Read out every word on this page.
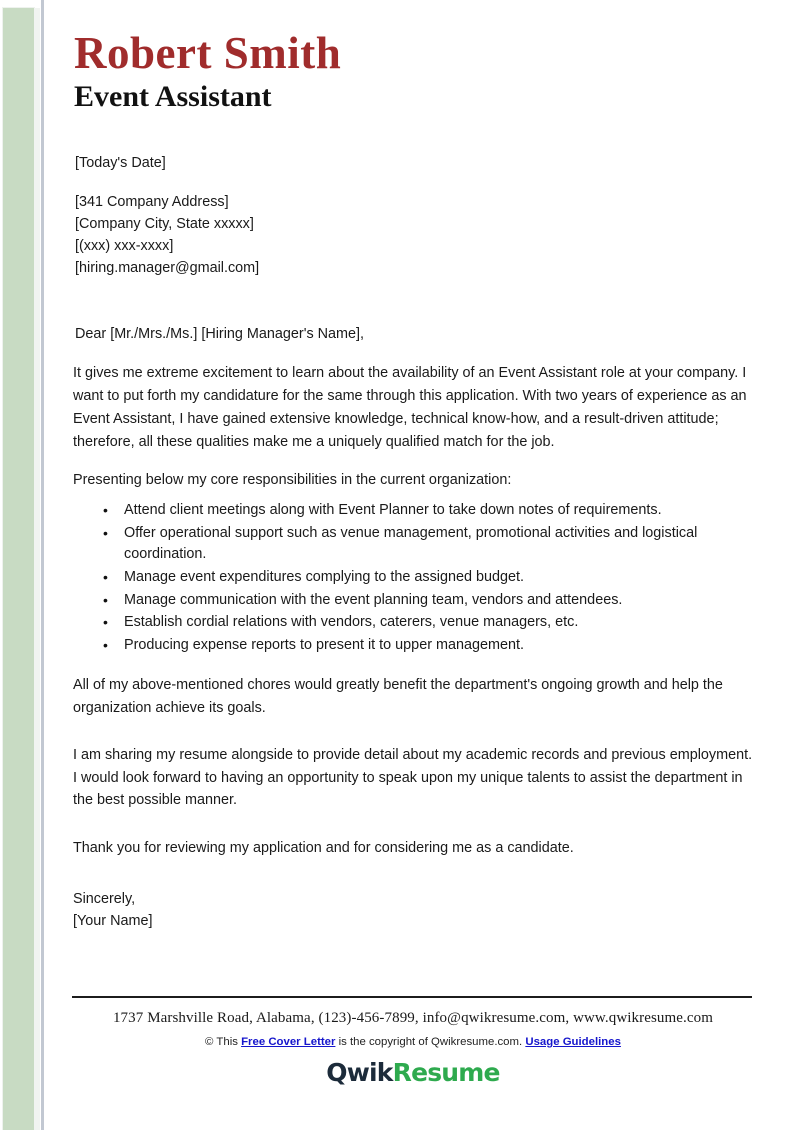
Robert Smith
Event Assistant
[Today's Date]
[341 Company Address]
[Company City, State xxxxx]
[(xxx) xxx-xxxx]
[hiring.manager@gmail.com]
Dear [Mr./Mrs./Ms.] [Hiring Manager's Name],

It gives me extreme excitement to learn about the availability of an Event Assistant role at your company. I want to put forth my candidature for the same through this application. With two years of experience as an Event Assistant, I have gained extensive knowledge, technical know-how, and a result-driven attitude; therefore, all these qualities make me a uniquely qualified match for the job.

Presenting below my core responsibilities in the current organization:

• Attend client meetings along with Event Planner to take down notes of requirements.
• Offer operational support such as venue management, promotional activities and logistical coordination.
• Manage event expenditures complying to the assigned budget.
• Manage communication with the event planning team, vendors and attendees.
• Establish cordial relations with vendors, caterers, venue managers, etc.
• Producing expense reports to present it to upper management.

All of my above-mentioned chores would greatly benefit the department's ongoing growth and help the organization achieve its goals.

I am sharing my resume alongside to provide detail about my academic records and previous employment. I would look forward to having an opportunity to speak upon my unique talents to assist the department in the best possible manner.

Thank you for reviewing my application and for considering me as a candidate.

Sincerely,
[Your Name]
1737 Marshville Road, Alabama, (123)-456-7899, info@qwikresume.com, www.qwikresume.com
© This Free Cover Letter is the copyright of Qwikresume.com. Usage Guidelines
QwikResume
